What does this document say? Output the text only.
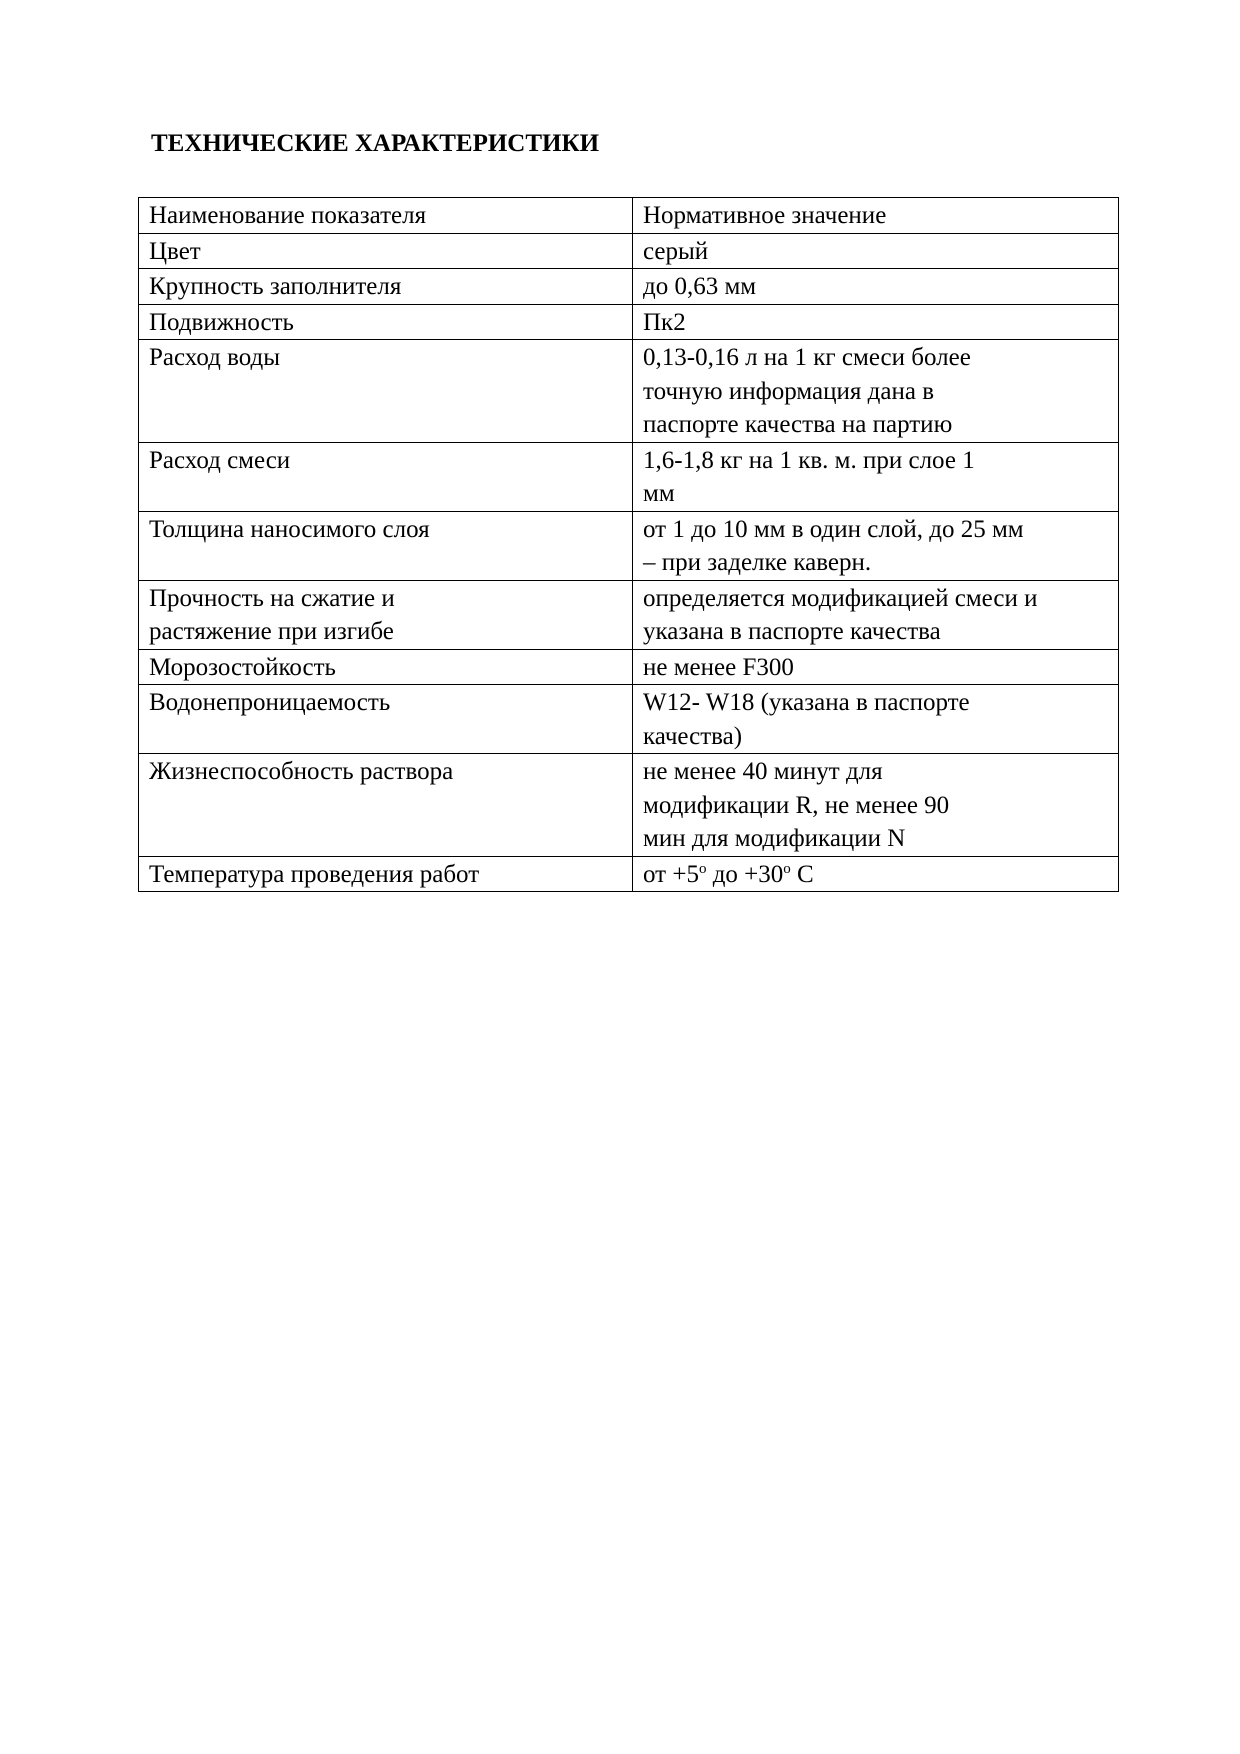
ТЕХНИЧЕСКИЕ ХАРАКТЕРИСТИКИ
Наименование показателя	Нормативное значение
Цвет	серый
Крупность заполнителя	до 0,63 мм
Подвижность	Пк2
Расход воды	0,13-0,16 л на 1 кг смеси более
точную информация дана в
паспорте качества на партию
Расход смеси	1,6-1,8 кг на 1 кв. м. при слое 1
мм
Толщина наносимого слоя	от 1 до 10 мм в один слой, до 25 мм
– при заделке каверн.
Прочность на сжатие и
растяжение при изгибе	определяется модификацией смеси и
указана в паспорте качества
Морозостойкость	не менее F300
Водонепроницаемость	W12- W18 (указана в паспорте
качества)
Жизнеспособность раствора	не менее 40 минут для
модификации R, не менее 90
мин для модификации N
Температура проведения работ	от $+5^о$ до $+30^о$ С
